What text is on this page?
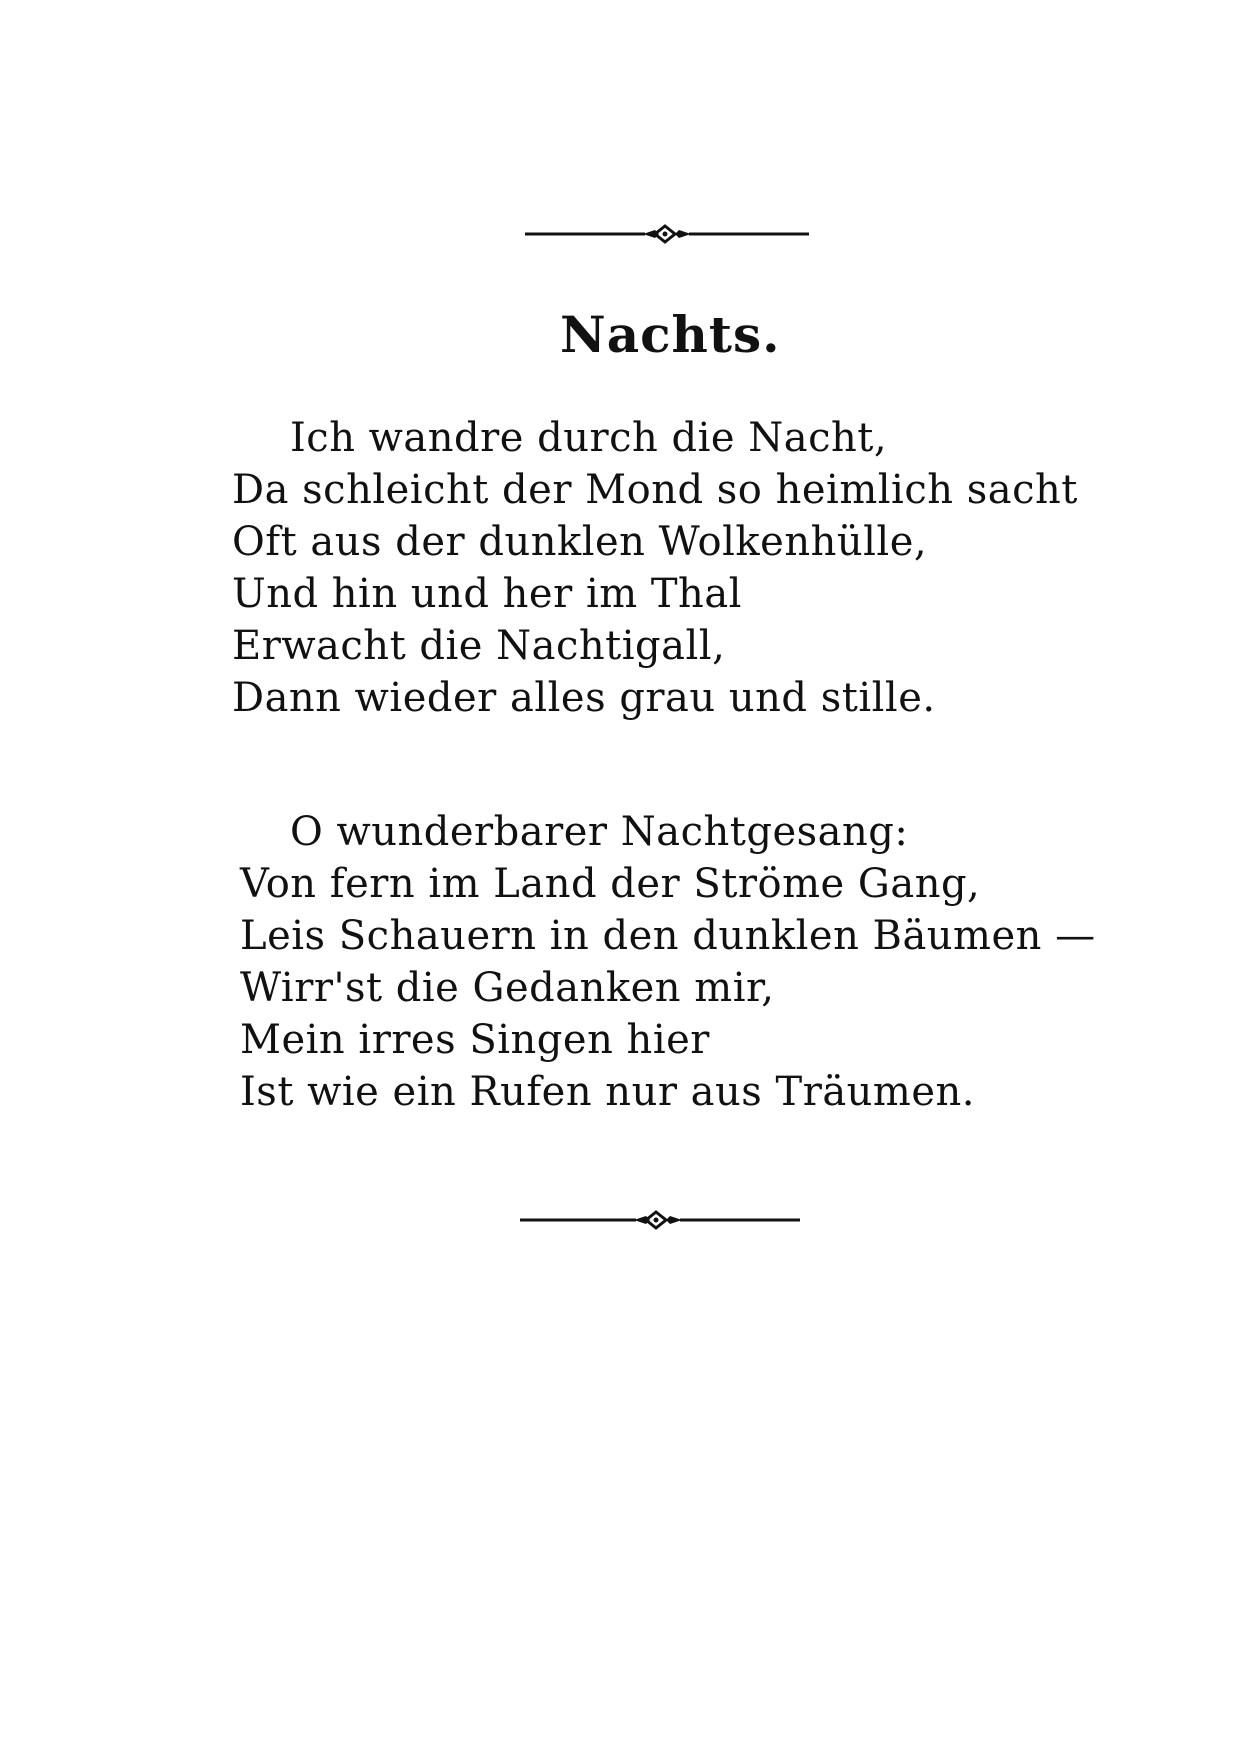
Nachts.
Ich wandre durch die Nacht,
Da schleicht der Mond so heimlich sacht
Oft aus der dunklen Wolkenhülle,
Und hin und her im Thal
Erwacht die Nachtigall,
Dann wieder alles grau und stille.
O wunderbarer Nachtgesang:
Von fern im Land der Ströme Gang,
Leis Schauern in den dunklen Bäumen —
Wirr'st die Gedanken mir,
Mein irres Singen hier
Ist wie ein Rufen nur aus Träumen.
